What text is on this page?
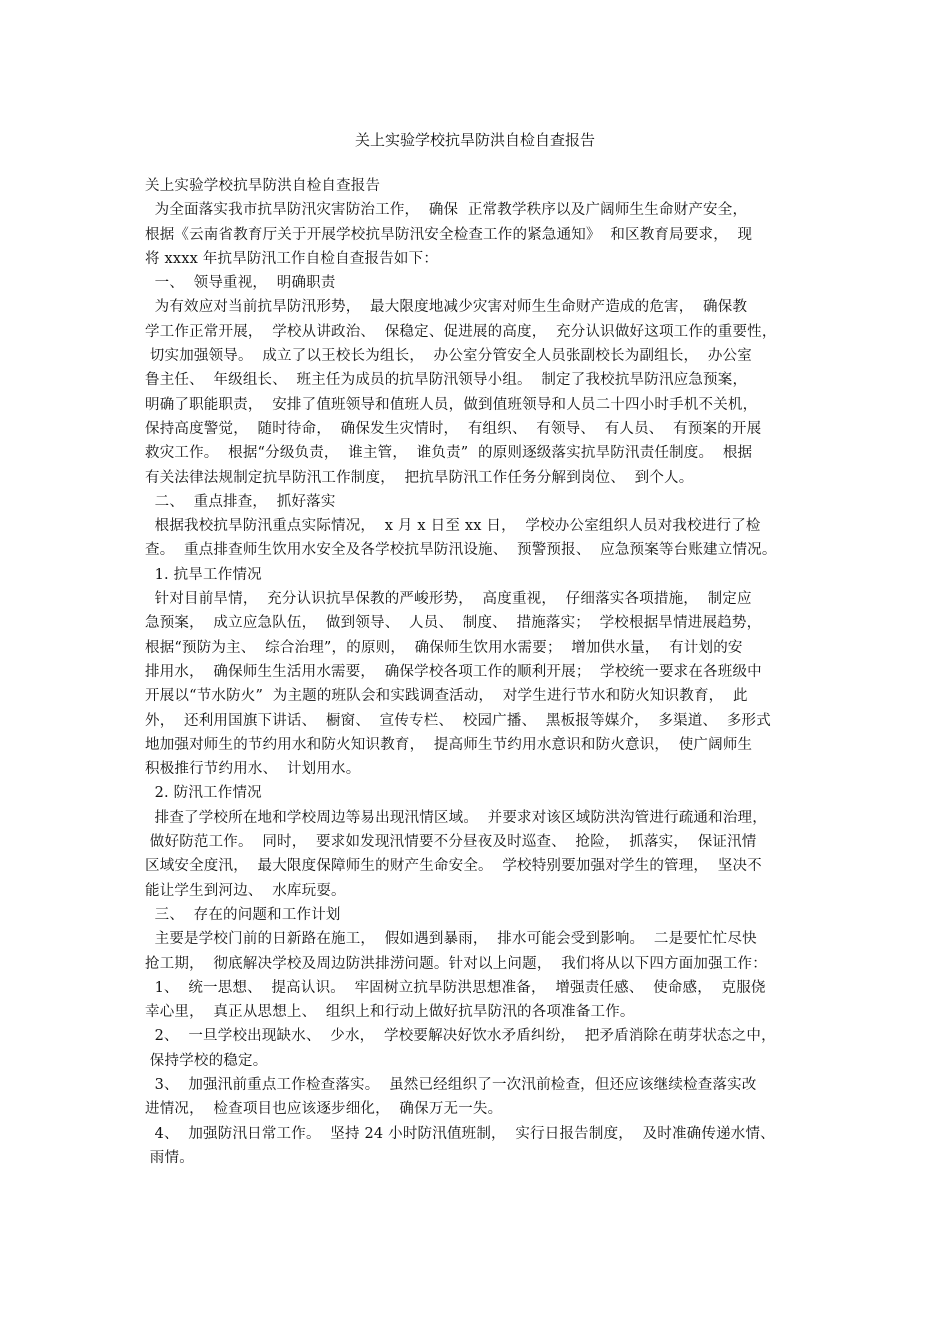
关上实验学校抗旱防洪自检自查报告
关上实验学校抗旱防洪自检自查报告
为全面落实我市抗旱防汛灾害防治工作，  确保  正常教学秩序以及广阔师生生命财产安全，
根据《云南省教育厅关于开展学校抗旱防汛安全检查工作的紧急通知》  和区教育局要求，  现
将 xxxx 年抗旱防汛工作自检自查报告如下：
一、  领导重视，  明确职责
为有效应对当前抗旱防汛形势，  最大限度地减少灾害对师生生命财产造成的危害，  确保教
学工作正常开展，  学校从讲政治、  保稳定、促进展的高度，  充分认识做好这项工作的重要性，
切实加强领导。  成立了以王校长为组长，  办公室分管安全人员张副校长为副组长，  办公室
鲁主任、  年级组长、  班主任为成员的抗旱防汛领导小组。  制定了我校抗旱防汛应急预案，
明确了职能职责，  安排了值班领导和值班人员，做到值班领导和人员二十四小时手机不关机，
保持高度警觉，  随时待命，  确保发生灾情时，  有组织、  有领导、  有人员、  有预案的开展
救灾工作。  根据“分级负责，  谁主管，  谁负责”  的原则逐级落实抗旱防汛责任制度。  根据
有关法律法规制定抗旱防汛工作制度，  把抗旱防汛工作任务分解到岗位、  到个人。
二、  重点排查，  抓好落实
根据我校抗旱防汛重点实际情况，  x 月 x 日至 xx 日，  学校办公室组织人员对我校进行了检
查。  重点排查师生饮用水安全及各学校抗旱防汛设施、  预警预报、  应急预案等台账建立情况。
1. 抗旱工作情况
针对目前旱情，  充分认识抗旱保教的严峻形势，  高度重视，  仔细落实各项措施，  制定应
急预案，  成立应急队伍，  做到领导、  人员、  制度、  措施落实；  学校根据旱情进展趋势，
根据“预防为主、  综合治理”，的原则，  确保师生饮用水需要；  增加供水量，  有计划的安
排用水，  确保师生生活用水需要，  确保学校各项工作的顺利开展；  学校统一要求在各班级中
开展以“节水防火”  为主题的班队会和实践调查活动，  对学生进行节水和防火知识教育，  此
外，  还利用国旗下讲话、  橱窗、  宣传专栏、  校园广播、  黑板报等媒介，  多渠道、  多形式
地加强对师生的节约用水和防火知识教育，  提高师生节约用水意识和防火意识，  使广阔师生
积极推行节约用水、  计划用水。
2. 防汛工作情况
排查了学校所在地和学校周边等易出现汛情区域。  并要求对该区域防洪沟管进行疏通和治理，
做好防范工作。  同时，  要求如发现汛情要不分昼夜及时巡查、  抢险，  抓落实，  保证汛情
区域安全度汛，  最大限度保障师生的财产生命安全。  学校特别要加强对学生的管理，  坚决不
能让学生到河边、  水库玩耍。
三、  存在的问题和工作计划
主要是学校门前的日新路在施工，  假如遇到暴雨，  排水可能会受到影响。  二是要忙忙尽快
抢工期，  彻底解决学校及周边防洪排涝问题。针对以上问题，  我们将从以下四方面加强工作：
1、  统一思想、  提高认识。  牢固树立抗旱防洪思想准备，  增强责任感、  使命感，  克服侥
幸心里，  真正从思想上、  组织上和行动上做好抗旱防汛的各项准备工作。
2、  一旦学校出现缺水、  少水，  学校要解决好饮水矛盾纠纷，  把矛盾消除在萌芽状态之中，
保持学校的稳定。
3、  加强汛前重点工作检查落实。  虽然已经组织了一次汛前检查，但还应该继续检查落实改
进情况，  检查项目也应该逐步细化，  确保万无一失。
4、  加强防汛日常工作。  坚持 24 小时防汛值班制，  实行日报告制度，  及时准确传递水情、
雨情。
